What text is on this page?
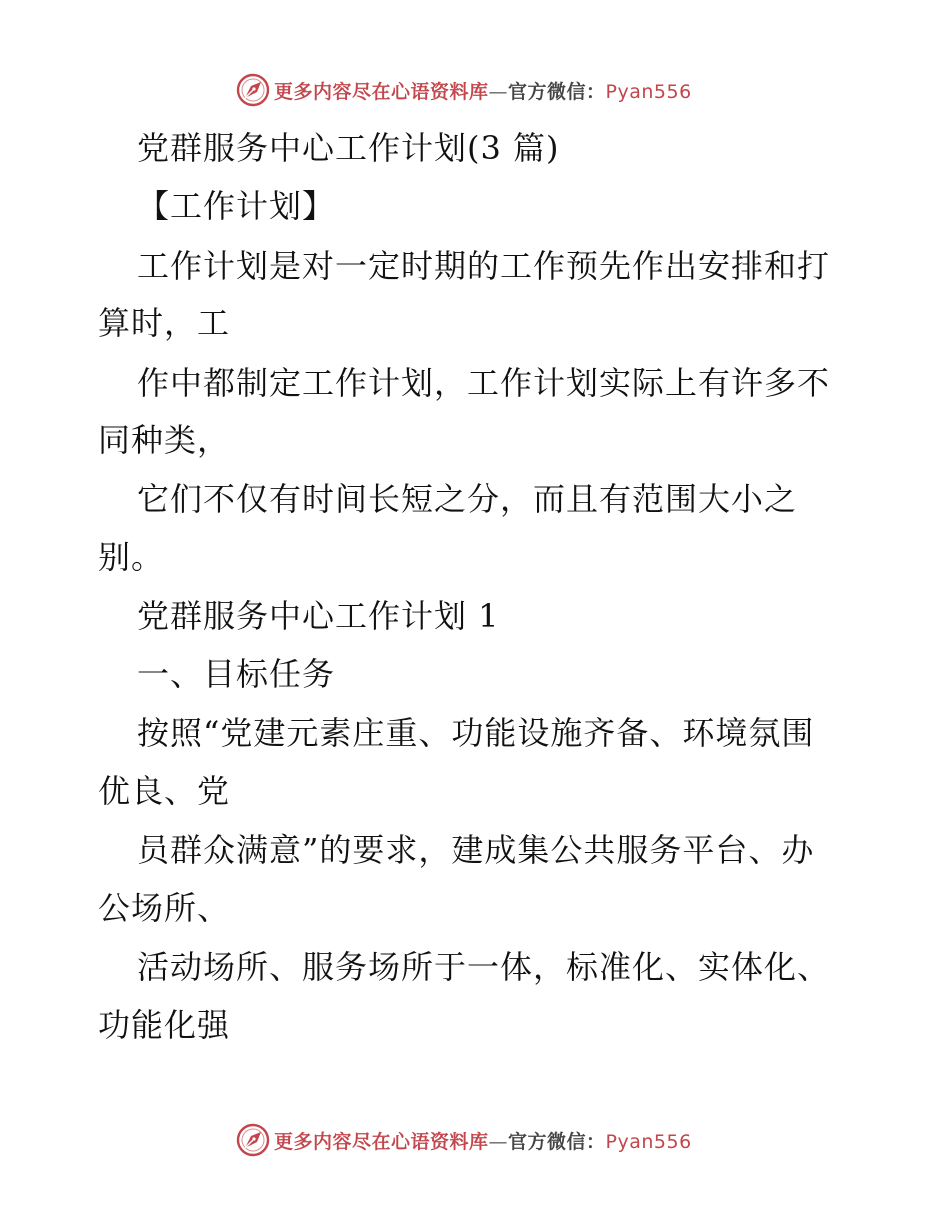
更多内容尽在心语资料库—官方微信：Pyan556
党群服务中心工作计划(3 篇)
【工作计划】
工作计划是对一定时期的工作预先作出安排和打
算时，工
作中都制定工作计划，工作计划实际上有许多不
同种类，
它们不仅有时间长短之分，而且有范围大小之
别。
党群服务中心工作计划 1
一、目标任务
按照“党建元素庄重、功能设施齐备、环境氛围
优良、党
员群众满意”的要求，建成集公共服务平台、办
公场所、
活动场所、服务场所于一体，标准化、实体化、
功能化强
更多内容尽在心语资料库—官方微信：Pyan556
